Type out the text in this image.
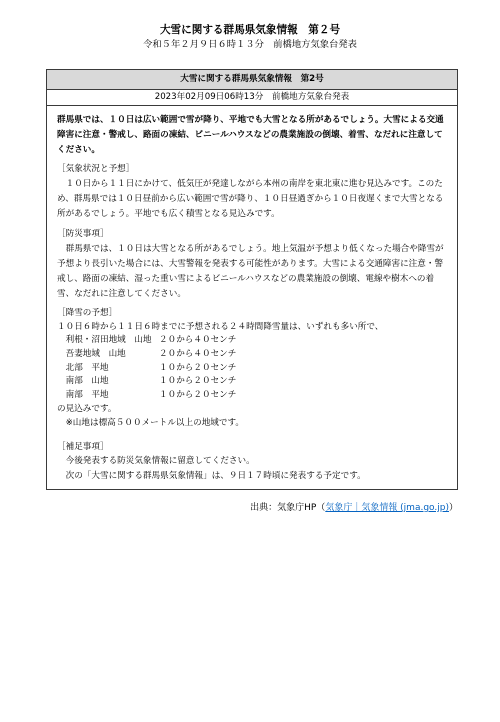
大雪に関する群馬県気象情報　第２号
令和５年２月９日６時１３分　前橋地方気象台発表
大雪に関する群馬県気象情報　第2号
2023年02月09日06時13分　前橋地方気象台発表
群馬県では、１０日は広い範囲で雪が降り、平地でも大雪となる所があるでしょう。大雪による交通
障害に注意・警戒し、路面の凍結、ビニールハウスなどの農業施設の倒壊、着雪、なだれに注意して
ください。
［気象状況と予想］
１０日から１１日にかけて、低気圧が発達しながら本州の南岸を東北東に進む見込みです。このた
め、群馬県では１０日昼前から広い範囲で雪が降り、１０日昼過ぎから１０日夜遅くまで大雪となる
所があるでしょう。平地でも広く積雪となる見込みです。
［防災事項］
群馬県では、１０日は大雪となる所があるでしょう。地上気温が予想より低くなった場合や降雪が
予想より長引いた場合には、大雪警報を発表する可能性があります。大雪による交通障害に注意・警
戒し、路面の凍結、湿った重い雪によるビニールハウスなどの農業施設の倒壊、電線や樹木への着
雪、なだれに注意してください。
［降雪の予想］
１０日６時から１１日６時までに予想される２４時間降雪量は、いずれも多い所で、
利根・沼田地域　山地 ２０から４０センチ
吾妻地域　山地	２０から４０センチ
北部　平地	１０から２０センチ
南部　山地	１０から２０センチ
南部　平地	１０から２０センチ
の見込みです。
※山地は標高５００メートル以上の地域です。
［補足事項］
今後発表する防災気象情報に留意してください。
次の「大雪に関する群馬県気象情報」は、９日１７時頃に発表する予定です。
出典：気象庁HP（気象庁｜気象情報 (jma.go.jp)）
